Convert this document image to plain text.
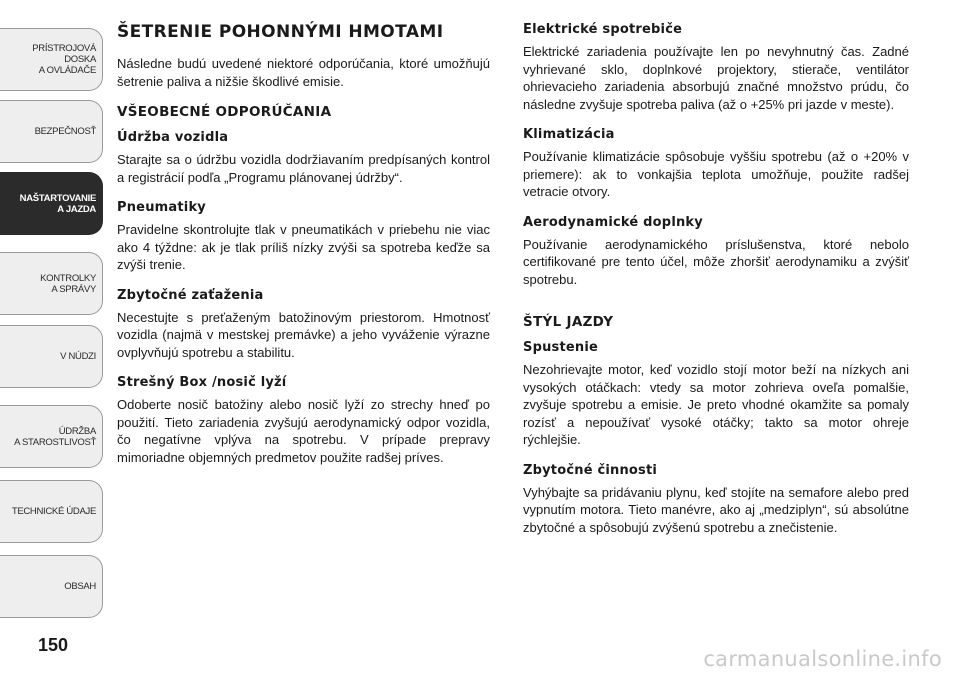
PRÍSTROJOVÁ
DOSKA
A OVLÁDAČE
BEZPEČNOSŤ
NAŠTARTOVANIE
A JAZDA
KONTROLKY
A SPRÁVY
V NÚDZI
ÚDRŽBA
A STAROSTLIVOSŤ
TECHNICKÉ ÚDAJE
OBSAH
150
ŠETRENIE POHONNÝMI HMOTAMI

Následne budú uvedené niektoré odporúčania, ktoré umožňujú šetrenie paliva a nižšie škodlivé emisie.

VŠEOBECNÉ ODPORÚČANIA
Údržba vozidla

Starajte sa o údržbu vozidla dodržiavaním predpísaných kontrol a registrácií podľa „Programu plánovanej údržby“.

Pneumatiky

Pravidelne skontrolujte tlak v pneumatikách v priebehu nie viac ako 4 týždne: ak je tlak príliš nízky zvýši sa spotreba keďže sa zvýši trenie.

Zbytočné zaťaženia

Necestujte s preťaženým batožinovým priestorom. Hmotnosť vozidla (najmä v mestskej premávke) a jeho vyváženie výrazne ovplyvňujú spotrebu a stabilitu.

Strešný Box /nosič lyží

Odoberte nosič batožiny alebo nosič lyží zo strechy hneď po použití. Tieto zariadenia zvyšujú aerodynamický odpor vozidla, čo negatívne vplýva na spotrebu. V prípade prepravy mimoriadne objemných predmetov použite radšej príves.

Elektrické spotrebiče

Elektrické zariadenia používajte len po nevyhnutný čas. Zadné vyhrievané sklo, doplnkové projektory, stierače, ventilátor ohrievacieho zariadenia absorbujú značné množstvo prúdu, čo následne zvyšuje spotreba paliva (až o +25% pri jazde v meste).

Klimatizácia

Používanie klimatizácie spôsobuje vyššiu spotrebu (až o +20% v priemere): ak to vonkajšia teplota umožňuje, použite radšej vetracie otvory.

Aerodynamické doplnky

Používanie aerodynamického príslušenstva, ktoré nebolo certifikované pre tento účel, môže zhoršiť aerodynamiku a zvýšiť spotrebu.

ŠTÝL JAZDY
Spustenie

Nezohrievajte motor, keď vozidlo stojí motor beží na nízkych ani vysokých otáčkach: vtedy sa motor zohrieva oveľa pomalšie, zvyšuje spotrebu a emisie. Je preto vhodné okamžite sa pomaly rozísť a nepoužívať vysoké otáčky; takto sa motor ohreje rýchlejšie.

Zbytočné činnosti

Vyhýbajte sa pridávaniu plynu, keď stojíte na semafore alebo pred vypnutím motora. Tieto manévre, ako aj „medziplyn“, sú absolútne zbytočné a spôsobujú zvýšenú spotrebu a znečistenie.

carmanualsonline.info
